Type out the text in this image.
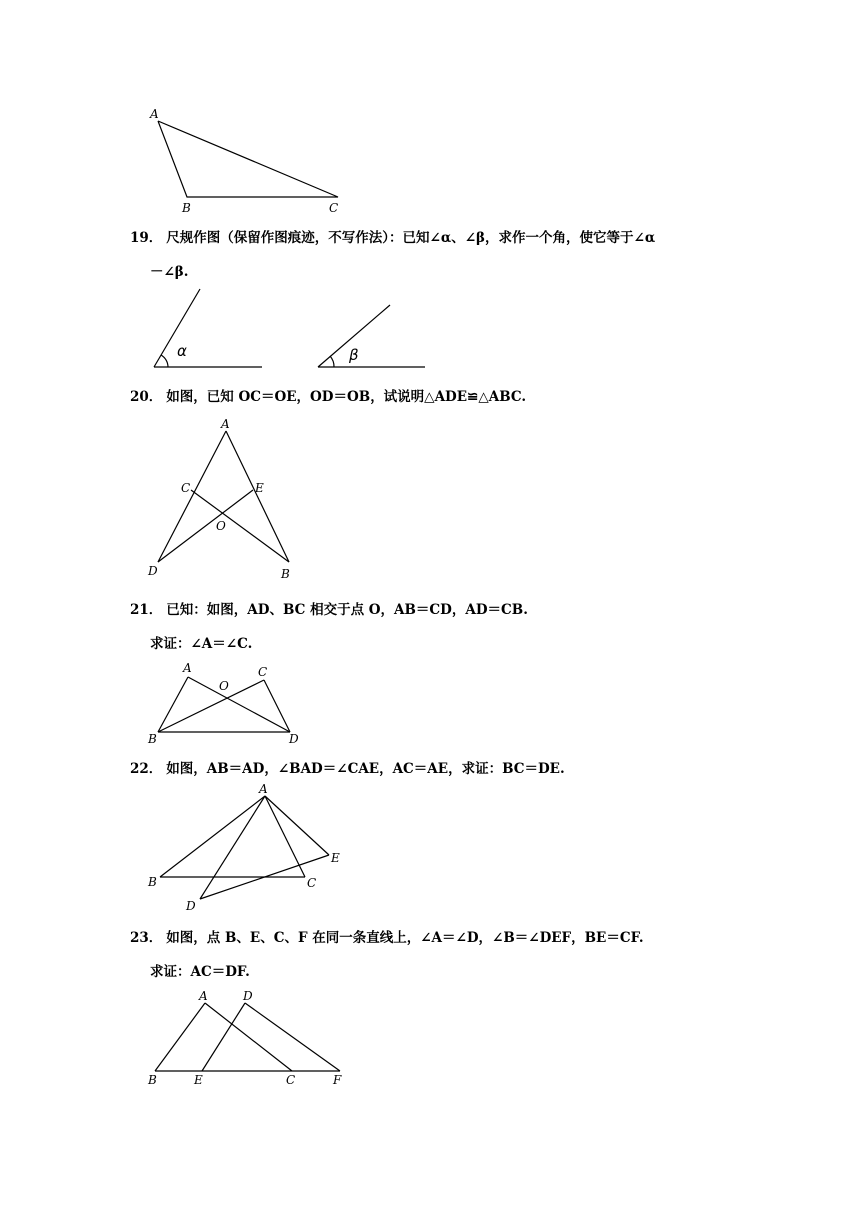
A
B	C
19． 尺规作图（保留作图痕迹，不写作法）：已知∠α、∠β，求作一个角，使它等于∠α
－∠β.
α	β
20． 如图，已知 OC＝OE，OD＝OB，试说明△ADE≌△ABC.
A
C	E
O
D	B
21． 已知：如图，AD、BC 相交于点 O，AB＝CD，AD＝CB.
求证：∠A＝∠C.
A
O
C
B	D
22． 如图，AB＝AD，∠BAD＝∠CAE，AC＝AE，求证：BC＝DE.
A
E
B	C
D
23． 如图，点 B、E、C、F 在同一条直线上，∠A＝∠D，∠B＝∠DEF，BE＝CF.
求证：AC＝DF.
A	D
B	E	C	F
